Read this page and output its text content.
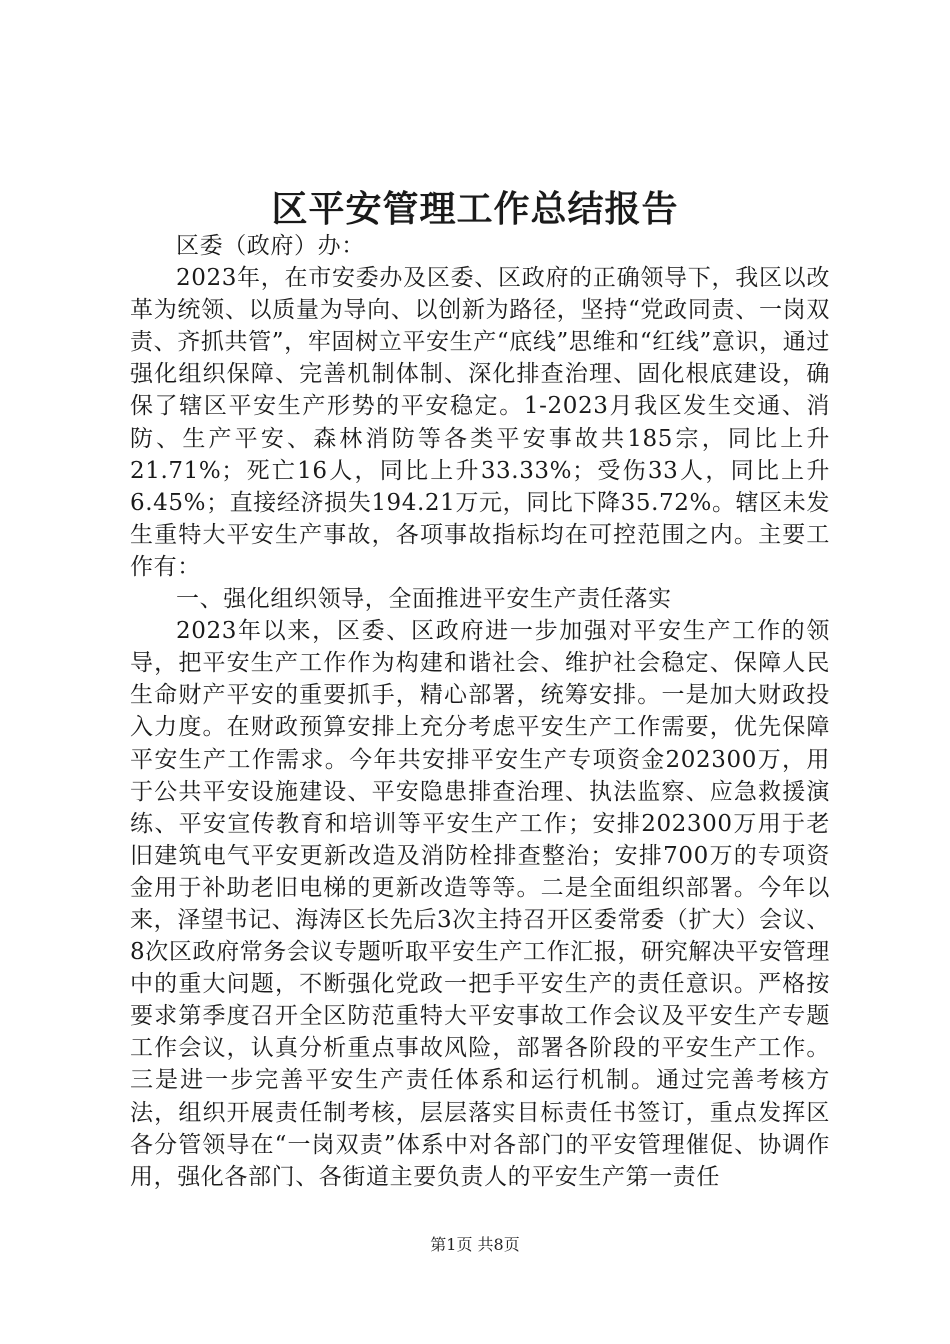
区平安管理工作总结报告

区委（政府）办：

2023年，在市安委办及区委、区政府的正确领导下，我区以改革为统领、以质量为导向、以创新为路径，坚持“党政同责、一岗双责、齐抓共管”，牢固树立平安生产“底线”思维和“红线”意识，通过强化组织保障、完善机制体制、深化排查治理、固化根底建设，确保了辖区平安生产形势的平安稳定。1-2023月我区发生交通、消防、生产平安、森林消防等各类平安事故共185宗，同比上升21.71%；死亡16人，同比上升33.33%；受伤33人，同比上升6.45%；直接经济损失194.21万元，同比下降35.72%。辖区未发生重特大平安生产事故，各项事故指标均在可控范围之内。主要工作有：

一、强化组织领导，全面推进平安生产责任落实

2023年以来，区委、区政府进一步加强对平安生产工作的领导，把平安生产工作作为构建和谐社会、维护社会稳定、保障人民生命财产平安的重要抓手，精心部署，统筹安排。一是加大财政投入力度。在财政预算安排上充分考虑平安生产工作需要，优先保障平安生产工作需求。今年共安排平安生产专项资金202300万，用于公共平安设施建设、平安隐患排查治理、执法监察、应急救援演练、平安宣传教育和培训等平安生产工作；安排202300万用于老旧建筑电气平安更新改造及消防栓排查整治；安排700万的专项资金用于补助老旧电梯的更新改造等等。二是全面组织部署。今年以来，泽望书记、海涛区长先后3次主持召开区委常委（扩大）会议、8次区政府常务会议专题听取平安生产工作汇报，研究解决平安管理中的重大问题，不断强化党政一把手平安生产的责任意识。严格按要求第季度召开全区防范重特大平安事故工作会议及平安生产专题工作会议，认真分析重点事故风险，部署各阶段的平安生产工作。三是进一步完善平安生产责任体系和运行机制。通过完善考核方法，组织开展责任制考核，层层落实目标责任书签订，重点发挥区各分管领导在“一岗双责”体系中对各部门的平安管理催促、协调作用，强化各部门、各街道主要负责人的平安生产第一责任

第1页 共8页
